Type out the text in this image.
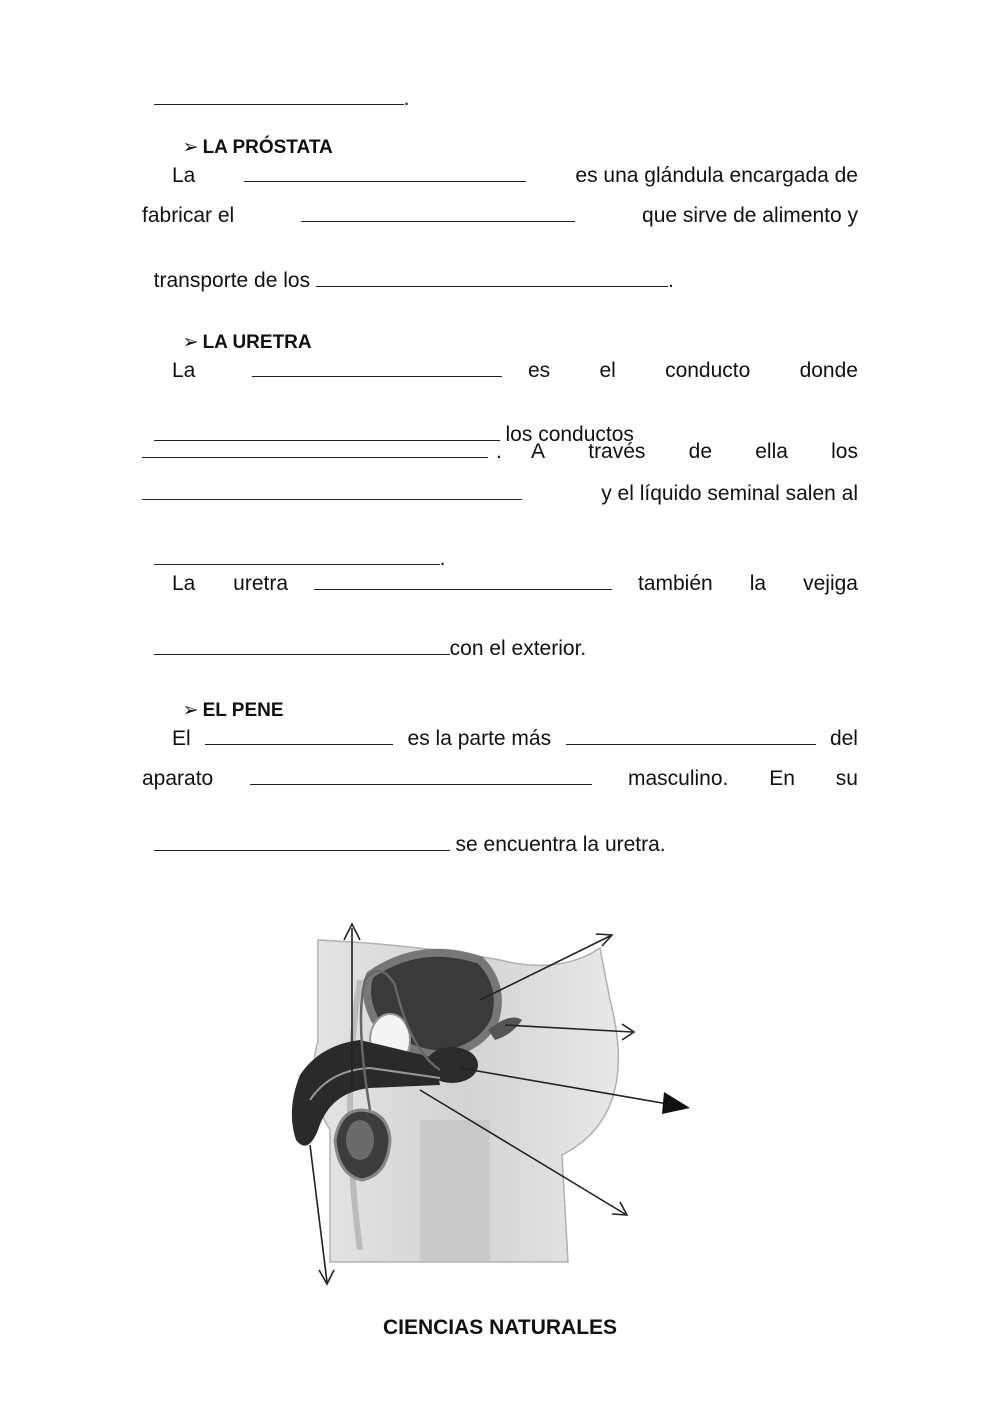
.

➢ LA PRÓSTATA

La	es una glándula encargada de
fabricar el	que sirve de alimento y

transporte de los	.

➢ LA URETRA

La	es el conducto donde

los conductos

.     A través de ella los
y el líquido seminal salen al

.

La uretra	también la vejiga

con el exterior.

➢ EL PENE

El	es la parte más	del
aparato	masculino. En su

se encuentra la uretra.

CIENCIAS NATURALES
